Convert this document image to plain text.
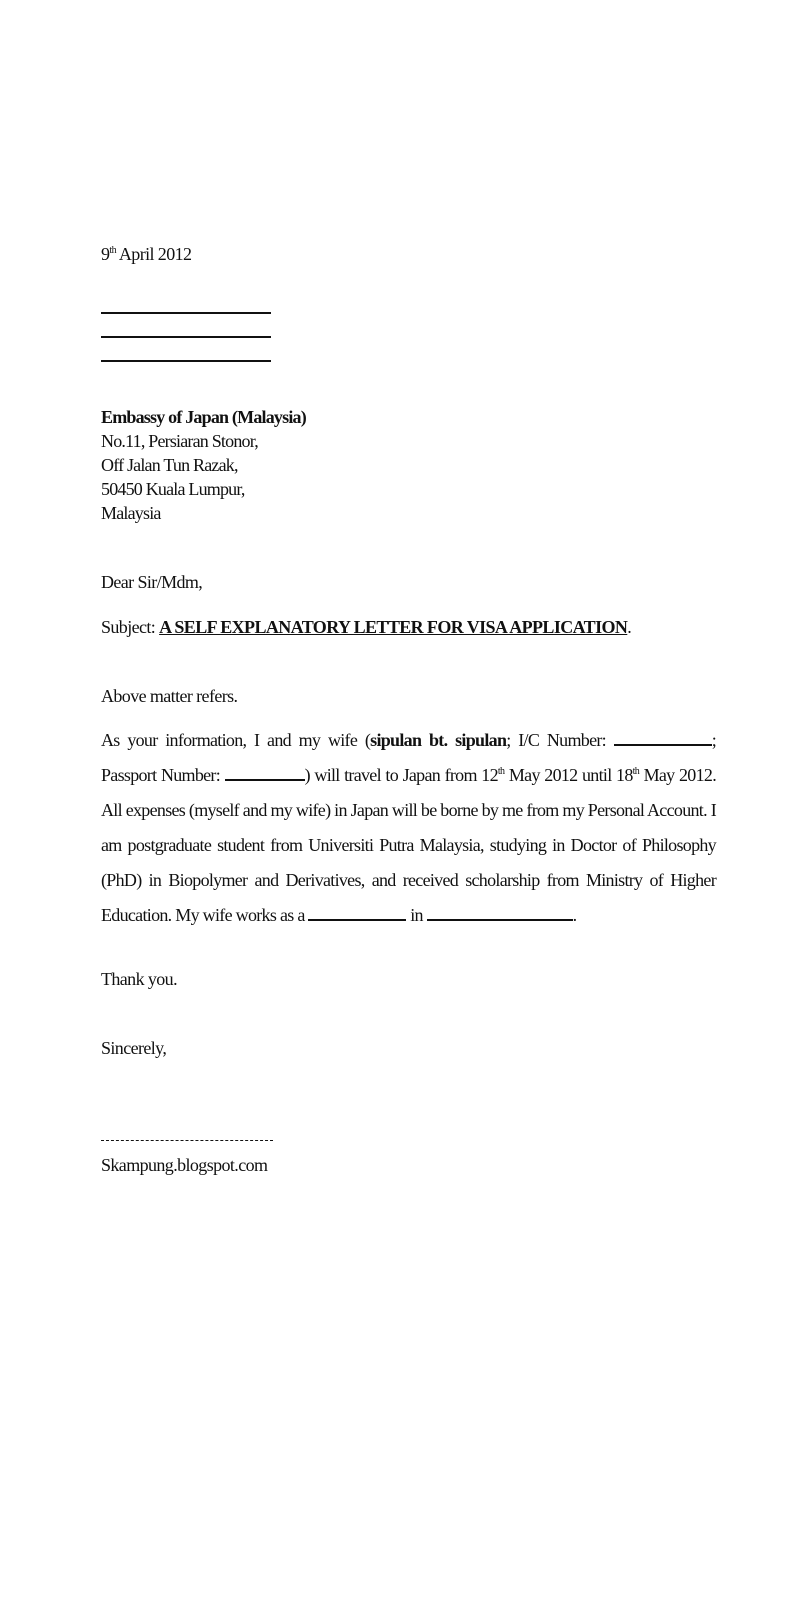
9th April 2012
Embassy of Japan (Malaysia)
No.11, Persiaran Stonor,
Off Jalan Tun Razak,
50450 Kuala Lumpur,
Malaysia
Dear Sir/Mdm,
Subject: A SELF EXPLANATORY LETTER FOR VISA APPLICATION.
Above matter refers.
As your information, I and my wife (sipulan bt. sipulan; I/C Number:	; Passport Number:	) will travel to Japan from 12th May 2012 until 18th May 2012. All expenses (myself and my wife) in Japan will be borne by me from my Personal Account. I am postgraduate student from Universiti Putra Malaysia, studying in Doctor of Philosophy (PhD) in Biopolymer and Derivatives, and received scholarship from Ministry of Higher Education. My wife works as a	in	.
Thank you.
Sincerely,
Skampung.blogspot.com
